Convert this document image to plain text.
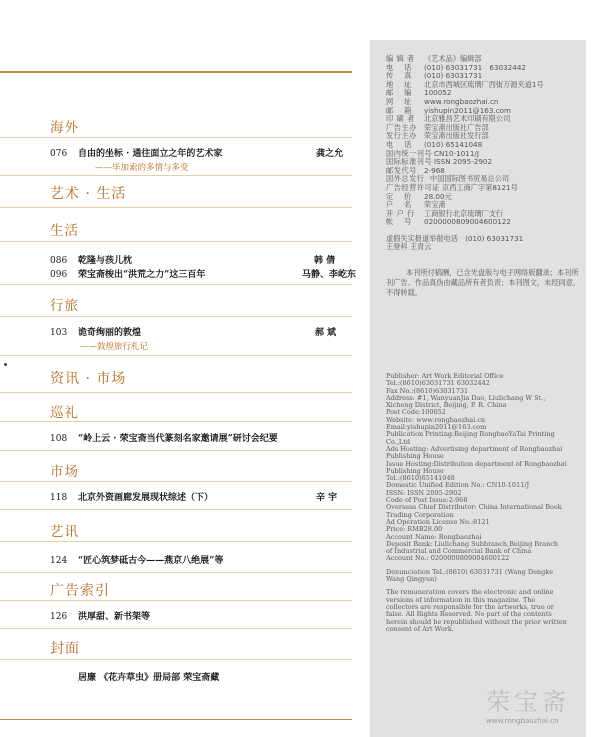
海外
076 自由的坐标 · 通往面立之年的艺术家	龚之允
——毕加索的多情与多变
艺术 · 生活
生活
086 乾隆与孩儿枕	韩 倩
096 荣宝斋梭出“洪荒之力”这三百年	马静、李屹东
行旅
103 诡奇绚丽的敦煌	郝 斌
——敦煌旅行札记
资讯 · 市场
巡礼
108 “岭上云 · 荣宝斋当代篆刻名家邀请展”研讨会纪要
市场
118 北京外资画廊发展现状综述（下）	辛 宇
艺讯
124 “匠心筑梦砥古今——燕京八绝展”等
广告索引
126 洪厚甜、新书架等
封面
居廉 《花卉草虫》册局部 荣宝斋藏
编 辑 者	《艺术品》编辑部
电　 话	(010) 63031731　63032442
传　 真	(010) 63031731
地　 址	北京市西城区琉璃厂西街万源夹道1号
邮　 编	100052
网　 址	www.rongbaozhai.cn
邮　 箱	yishupin2011@163.com
印 刷 者	北京雅昌艺术印刷有限公司
广告主办	荣宝斋出版社广告部
发行主办	荣宝斋出版社发行部
电　 话	(010) 65141048
国内统一刊号 CN10-1011/J
国际标准刊号 ISSN 2095-2902
邮发代号	2-968
国外总发行 中国国际图书贸易总公司
广告经营许可证 京西工商广字第8121号
定　 价	28.00元
户　 名	荣宝斋
开 户 行	工商银行北京琉璃厂支行
帐　 号	0200000809004600122
虚假失实报道举报电话　(010) 63031731
王登科 王青云
本刊所付稿酬，已含光盘版与电子网络版翻录；本刊所刊广告、作品真伪由藏品所有者负责；本刊图文，未经同意，不得转载。
Publisher: Art Work Editorial Office
Tel.:(8610)63031731 63032442
Fax No.:(8610)63031731
Address: #1, WanyuanJia Dao, Liulichang W St.,
Xicheng District, Beijing, P. R. China
Post Code:100052
Website: www.rongbaozhai.cn
Email:yishupin2011@163.com
Publication Printing:Beijing RongbaoYaTai Printing
Co.,Ltd
Ads Hosting: Advertising department of Rongbaozhai
Publishing House
Issue Hosting:Distribution department of Rongbaozhai
Publishing House
Tel.:(8610)65141048
Domestic Unified Edition No.: CN10-1011/J
ISSN: ISSN 2095-2902
Code of Post Issue:2-968
Overseas Chief Distributor: China International Book
Trading Corporation
Ad Operation License No.:8121
Price: RMB28.00
Account Name: Rongbaozhai
Deposit Bank: Liulichang Subbranch,Beijing Branch
of Industrial and Commercial Bank of China
Account No.: 0200000809004600122
Denunciation Tel.:(8610) 63031731 (Wang Dengke
Wang Qingyun)
The remuneration covers the electronic and online
versions of information in this magazine. The
collectors are responsible for the artworks, true or
false. All Rights Reserved. No part of the contents
herein should be republished without the prior written
consent of Art Work.
荣宝斋
www.rongbaozhai.cn
